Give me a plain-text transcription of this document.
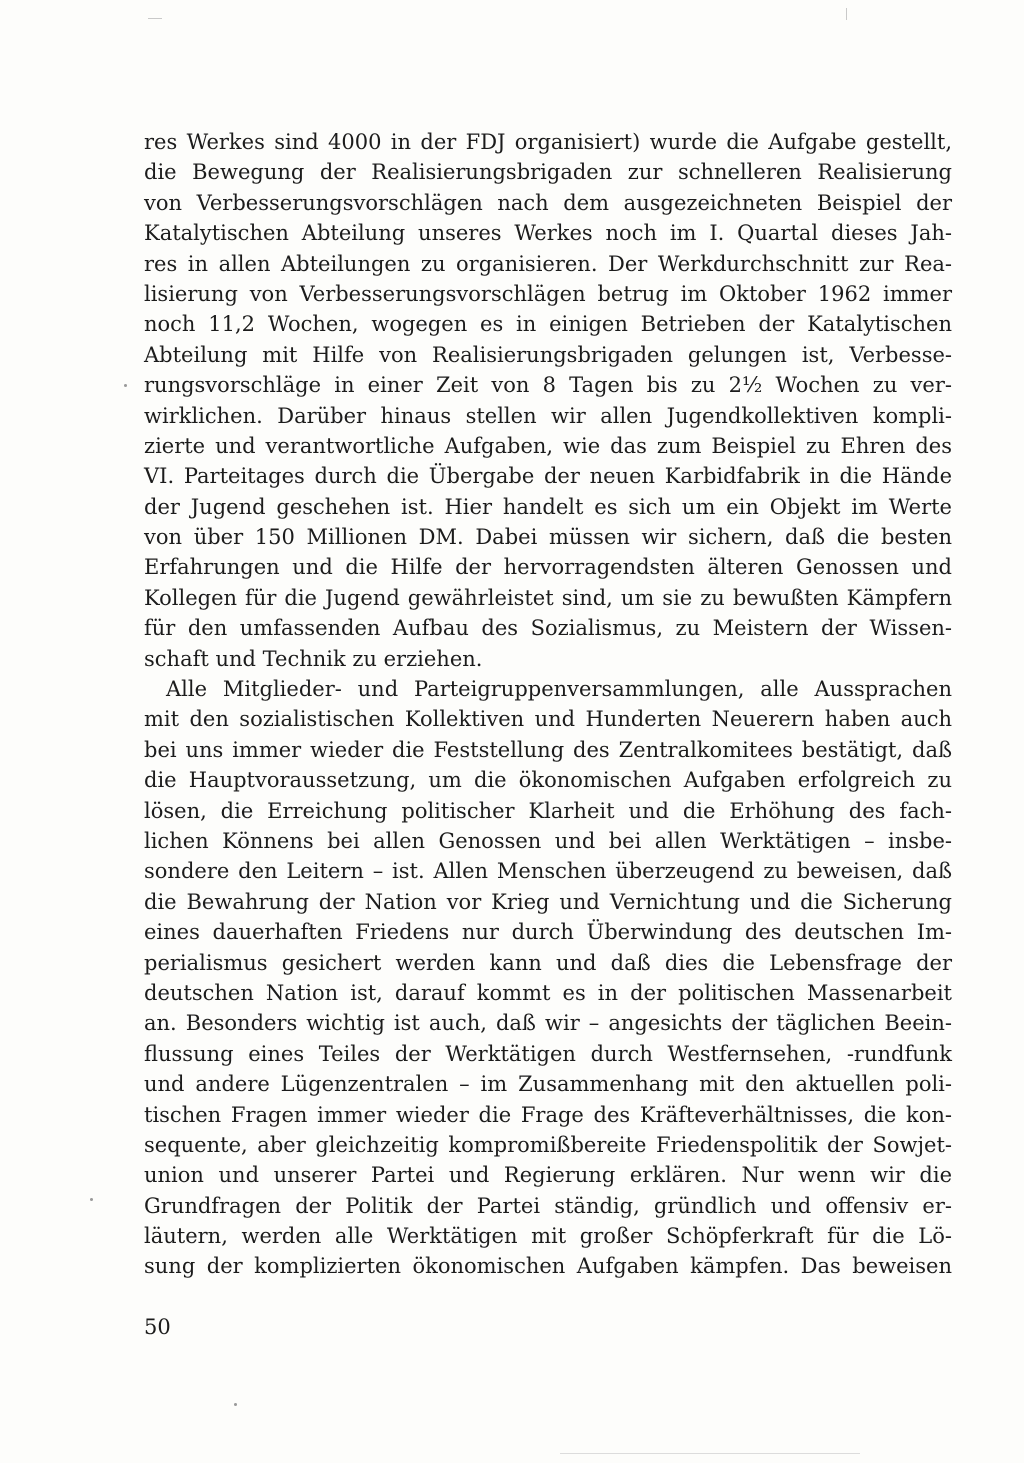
res Werkes sind 4000 in der FDJ organisiert) wurde die Aufgabe gestellt,
die Bewegung der Realisierungsbrigaden zur schnelleren Realisierung
von Verbesserungsvorschlägen nach dem ausgezeichneten Beispiel der
Katalytischen Abteilung unseres Werkes noch im I. Quartal dieses Jah-
res in allen Abteilungen zu organisieren. Der Werkdurchschnitt zur Rea-
lisierung von Verbesserungsvorschlägen betrug im Oktober 1962 immer
noch 11,2 Wochen, wogegen es in einigen Betrieben der Katalytischen
Abteilung mit Hilfe von Realisierungsbrigaden gelungen ist, Verbesse-
rungsvorschläge in einer Zeit von 8 Tagen bis zu 2½ Wochen zu ver-
wirklichen. Darüber hinaus stellen wir allen Jugendkollektiven kompli-
zierte und verantwortliche Aufgaben, wie das zum Beispiel zu Ehren des
VI. Parteitages durch die Übergabe der neuen Karbidfabrik in die Hände
der Jugend geschehen ist. Hier handelt es sich um ein Objekt im Werte
von über 150 Millionen DM. Dabei müssen wir sichern, daß die besten
Erfahrungen und die Hilfe der hervorragendsten älteren Genossen und
Kollegen für die Jugend gewährleistet sind, um sie zu bewußten Kämpfern
für den umfassenden Aufbau des Sozialismus, zu Meistern der Wissen-
schaft und Technik zu erziehen.
Alle Mitglieder- und Parteigruppenversammlungen, alle Aussprachen
mit den sozialistischen Kollektiven und Hunderten Neuerern haben auch
bei uns immer wieder die Feststellung des Zentralkomitees bestätigt, daß
die Hauptvoraussetzung, um die ökonomischen Aufgaben erfolgreich zu
lösen, die Erreichung politischer Klarheit und die Erhöhung des fach-
lichen Könnens bei allen Genossen und bei allen Werktätigen – insbe-
sondere den Leitern – ist. Allen Menschen überzeugend zu beweisen, daß
die Bewahrung der Nation vor Krieg und Vernichtung und die Sicherung
eines dauerhaften Friedens nur durch Überwindung des deutschen Im-
perialismus gesichert werden kann und daß dies die Lebensfrage der
deutschen Nation ist, darauf kommt es in der politischen Massenarbeit
an. Besonders wichtig ist auch, daß wir – angesichts der täglichen Beein-
flussung eines Teiles der Werktätigen durch Westfernsehen, -rundfunk
und andere Lügenzentralen – im Zusammenhang mit den aktuellen poli-
tischen Fragen immer wieder die Frage des Kräfteverhältnisses, die kon-
sequente, aber gleichzeitig kompromißbereite Friedenspolitik der Sowjet-
union und unserer Partei und Regierung erklären. Nur wenn wir die
Grundfragen der Politik der Partei ständig, gründlich und offensiv er-
läutern, werden alle Werktätigen mit großer Schöpferkraft für die Lö-
sung der komplizierten ökonomischen Aufgaben kämpfen. Das beweisen
50
